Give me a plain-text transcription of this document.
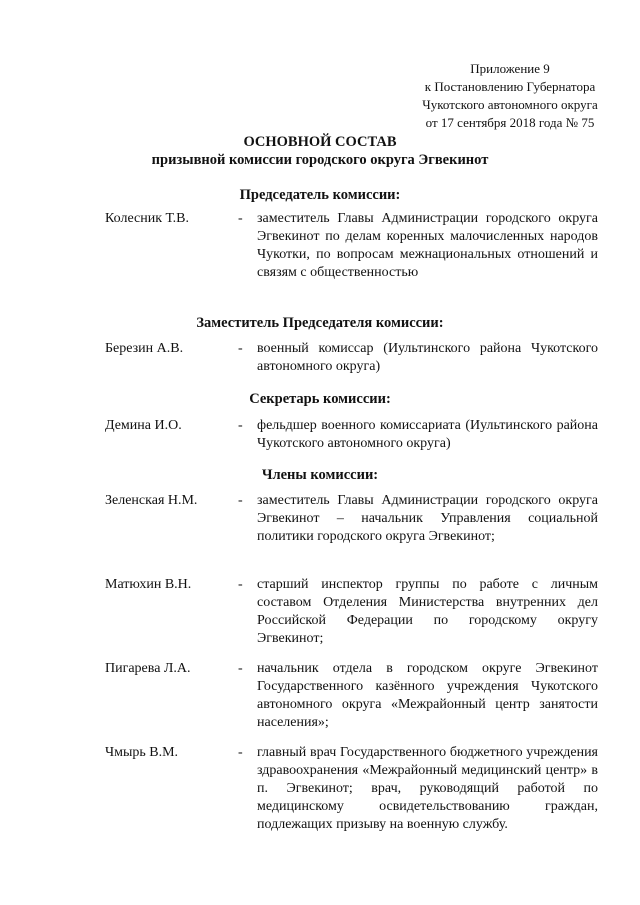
Приложение 9
к Постановлению Губернатора
Чукотского автономного округа
от 17 сентября 2018 года № 75
ОСНОВНОЙ СОСТАВ
призывной комиссии городского округа Эгвекинот
Председатель комиссии:
Колесник Т.В.	- заместитель Главы Администрации городского округа Эгвекинот по делам коренных малочисленных народов Чукотки, по вопросам межнациональных отношений и связям с общественностью
Заместитель Председателя комиссии:
Березин А.В.	- военный комиссар (Иультинского района Чукотского автономного округа)
Секретарь комиссии:
Демина И.О.	- фельдшер военного комиссариата (Иультинского района Чукотского автономного округа)
Члены комиссии:
Зеленская Н.М.	- заместитель Главы Администрации городского округа Эгвекинот – начальник Управления социальной политики городского округа Эгвекинот;
Матюхин В.Н.	- старший инспектор группы по работе с личным составом Отделения Министерства внутренних дел Российской Федерации по городскому округу Эгвекинот;
Пигарева Л.А.	- начальник отдела в городском округе Эгвекинот Государственного казённого учреждения Чукотского автономного округа «Межрайонный центр занятости населения»;
Чмырь В.М.	- главный врач Государственного бюджетного учреждения здравоохранения «Межрайонный медицинский центр» в п. Эгвекинот; врач, руководящий работой по медицинскому освидетельствованию граждан, подлежащих призыву на военную службу.
